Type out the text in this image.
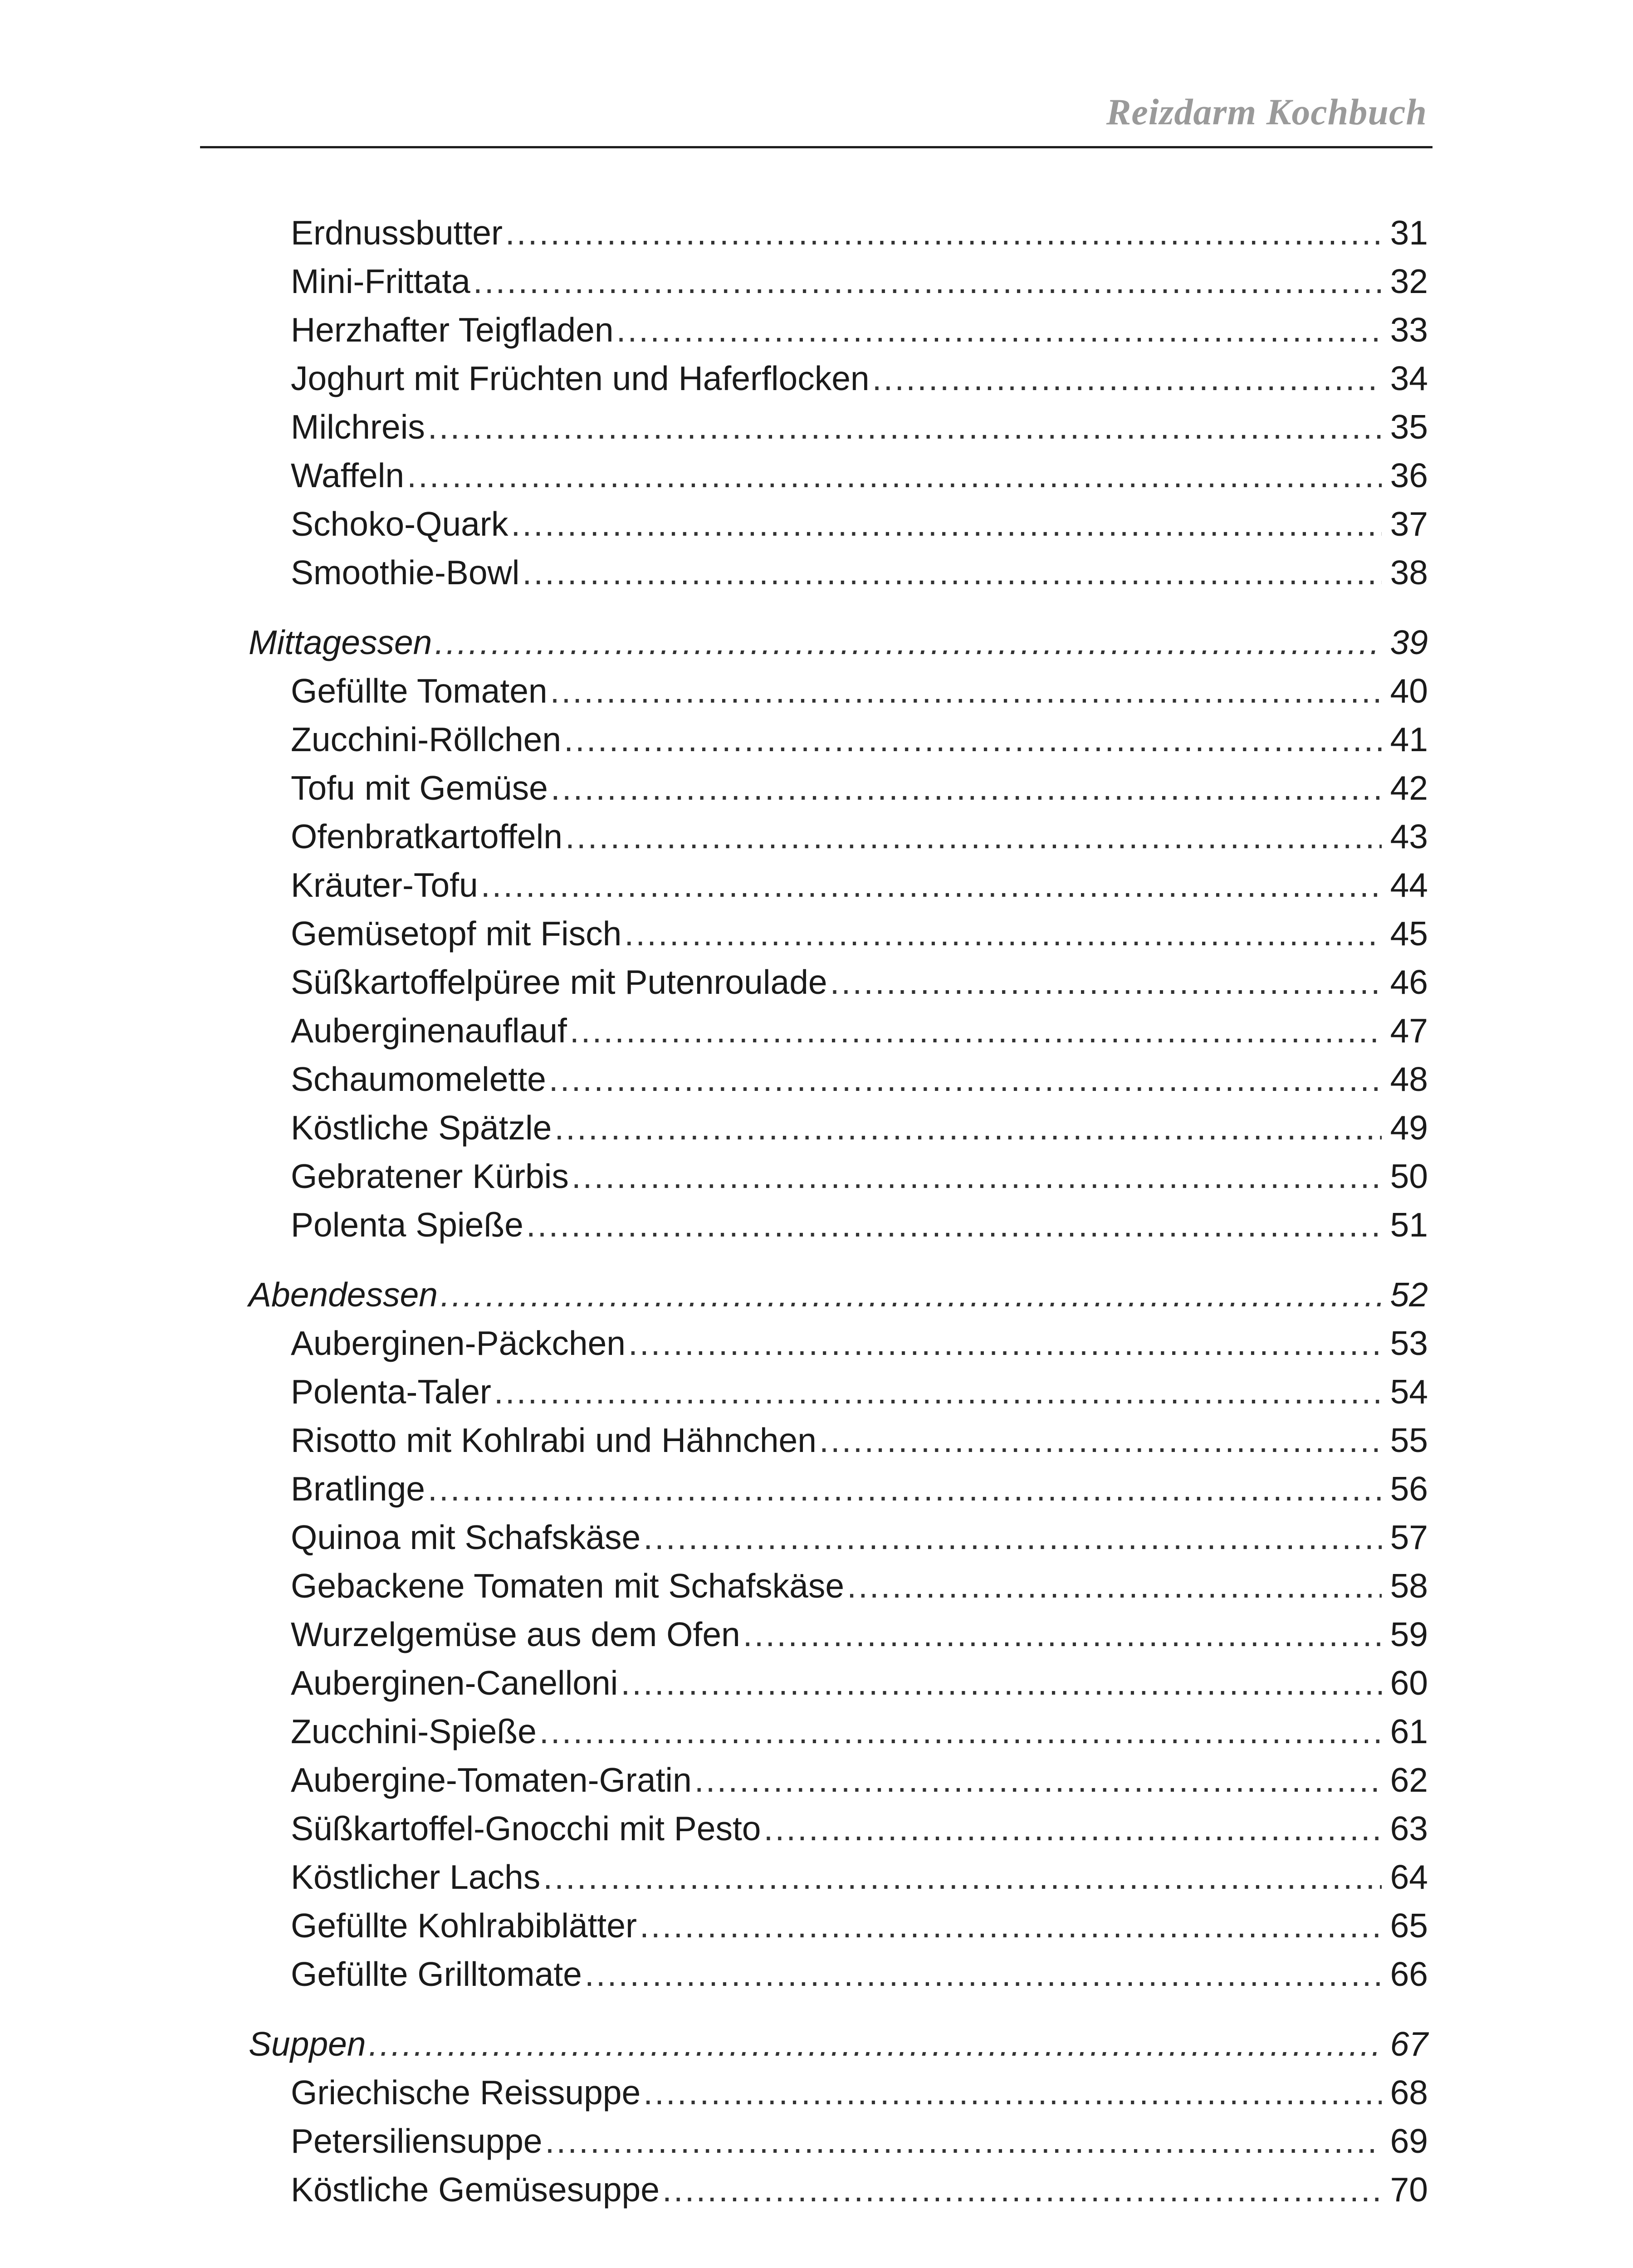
Reizdarm Kochbuch
Erdnussbutter .....	31
Mini-Frittata .....	32
Herzhafter Teigfladen .....	33
Joghurt mit Früchten und Haferflocken .....	34
Milchreis .....	35
Waffeln .....	36
Schoko-Quark .....	37
Smoothie-Bowl .....	38
Mittagessen .....	39
Gefüllte Tomaten .....	40
Zucchini-Röllchen .....	41
Tofu mit Gemüse .....	42
Ofenbratkartoffeln .....	43
Kräuter-Tofu .....	44
Gemüsetopf mit Fisch .....	45
Süßkartoffelpüree mit Putenroulade .....	46
Auberginenauflauf .....	47
Schaumomelette .....	48
Köstliche Spätzle .....	49
Gebratener Kürbis .....	50
Polenta Spieße .....	51
Abendessen .....	52
Auberginen-Päckchen .....	53
Polenta-Taler .....	54
Risotto mit Kohlrabi und Hähnchen .....	55
Bratlinge .....	56
Quinoa mit Schafskäse .....	57
Gebackene Tomaten mit Schafskäse .....	58
Wurzelgemüse aus dem Ofen .....	59
Auberginen-Canelloni .....	60
Zucchini-Spieße .....	61
Aubergine-Tomaten-Gratin .....	62
Süßkartoffel-Gnocchi mit Pesto .....	63
Köstlicher Lachs .....	64
Gefüllte Kohlrabiblätter .....	65
Gefüllte Grilltomate .....	66
Suppen .....	67
Griechische Reissuppe .....	68
Petersiliensuppe .....	69
Köstliche Gemüsesuppe .....	70
